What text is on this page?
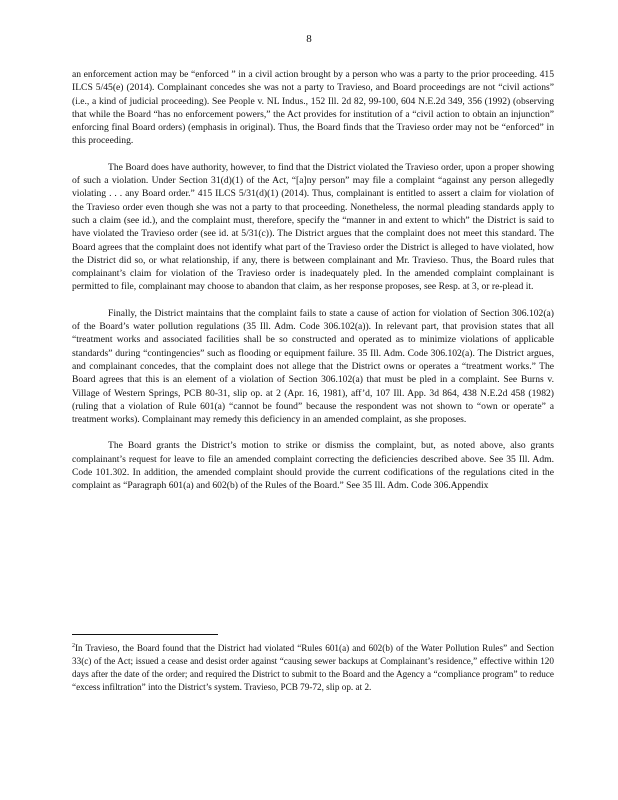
8

an enforcement action may be “enforced ” in a civil action brought by a person who was a party to the prior proceeding. 415 ILCS 5/45(e) (2014). Complainant concedes she was not a party to Travieso, and Board proceedings are not “civil actions” (i.e., a kind of judicial proceeding). See People v. NL Indus., 152 Ill. 2d 82, 99-100, 604 N.E.2d 349, 356 (1992) (observing that while the Board “has no enforcement powers,” the Act provides for institution of a “civil action to obtain an injunction” enforcing final Board orders) (emphasis in original). Thus, the Board finds that the Travieso order may not be “enforced” in this proceeding.

The Board does have authority, however, to find that the District violated the Travieso order, upon a proper showing of such a violation. Under Section 31(d)(1) of the Act, “[a]ny person” may file a complaint “against any person allegedly violating . . . any Board order.” 415 ILCS 5/31(d)(1) (2014). Thus, complainant is entitled to assert a claim for violation of the Travieso order even though she was not a party to that proceeding. Nonetheless, the normal pleading standards apply to such a claim (see id.), and the complaint must, therefore, specify the “manner in and extent to which” the District is said to have violated the Travieso order (see id. at 5/31(c)). The District argues that the complaint does not meet this standard. The Board agrees that the complaint does not identify what part of the Travieso order the District is alleged to have violated, how the District did so, or what relationship, if any, there is between complainant and Mr. Travieso. Thus, the Board rules that complainant’s claim for violation of the Travieso order is inadequately pled. In the amended complaint complainant is permitted to file, complainant may choose to abandon that claim, as her response proposes, see Resp. at 3, or re-plead it.

Finally, the District maintains that the complaint fails to state a cause of action for violation of Section 306.102(a) of the Board’s water pollution regulations (35 Ill. Adm. Code 306.102(a)). In relevant part, that provision states that all “treatment works and associated facilities shall be so constructed and operated as to minimize violations of applicable standards” during “contingencies” such as flooding or equipment failure. 35 Ill. Adm. Code 306.102(a). The District argues, and complainant concedes, that the complaint does not allege that the District owns or operates a “treatment works.” The Board agrees that this is an element of a violation of Section 306.102(a) that must be pled in a complaint. See Burns v. Village of Western Springs, PCB 80-31, slip op. at 2 (Apr. 16, 1981), aff’d, 107 Ill. App. 3d 864, 438 N.E.2d 458 (1982) (ruling that a violation of Rule 601(a) “cannot be found” because the respondent was not shown to “own or operate” a treatment works). Complainant may remedy this deficiency in an amended complaint, as she proposes.

The Board grants the District’s motion to strike or dismiss the complaint, but, as noted above, also grants complainant’s request for leave to file an amended complaint correcting the deficiencies described above. See 35 Ill. Adm. Code 101.302. In addition, the amended complaint should provide the current codifications of the regulations cited in the complaint as “Paragraph 601(a) and 602(b) of the Rules of the Board.” See 35 Ill. Adm. Code 306.Appendix

$^2$In Travieso, the Board found that the District had violated “Rules 601(a) and 602(b) of the Water Pollution Rules” and Section 33(c) of the Act; issued a cease and desist order against “causing sewer backups at Complainant’s residence,” effective within 120 days after the date of the order; and required the District to submit to the Board and the Agency a “compliance program” to reduce “excess infiltration” into the District’s system. Travieso, PCB 79-72, slip op. at 2.
